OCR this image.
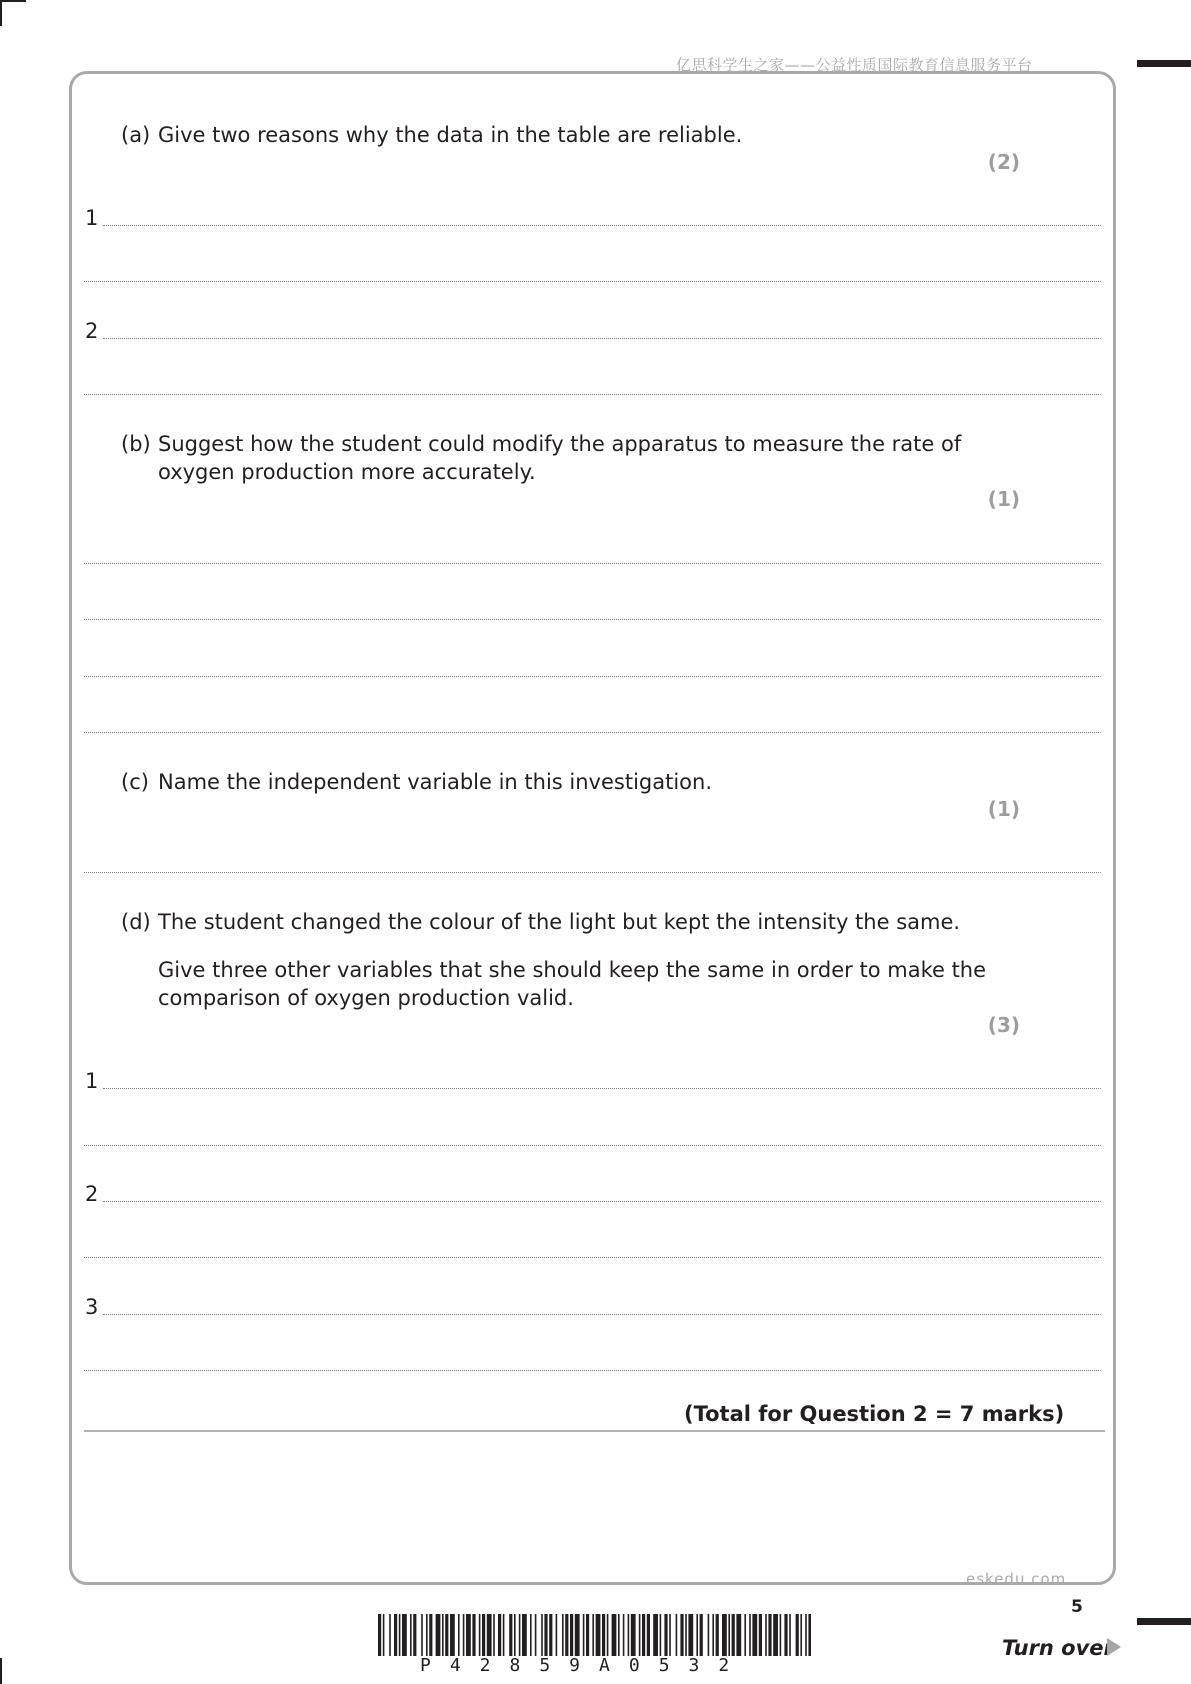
亿思科学生之家——公益性质国际教育信息服务平台
(a) Give two reasons why the data in the table are reliable.
(2)
1
2
(b) Suggest how the student could modify the apparatus to measure the rate of
oxygen production more accurately.
(1)
(c) Name the independent variable in this investigation.
(1)
(d) The student changed the colour of the light but kept the intensity the same.
Give three other variables that she should keep the same in order to make the
comparison of oxygen production valid.
(3)
1
2
3
(Total for Question 2 = 7 marks)
eskedu.com
5
Turn over
P42859A0532
